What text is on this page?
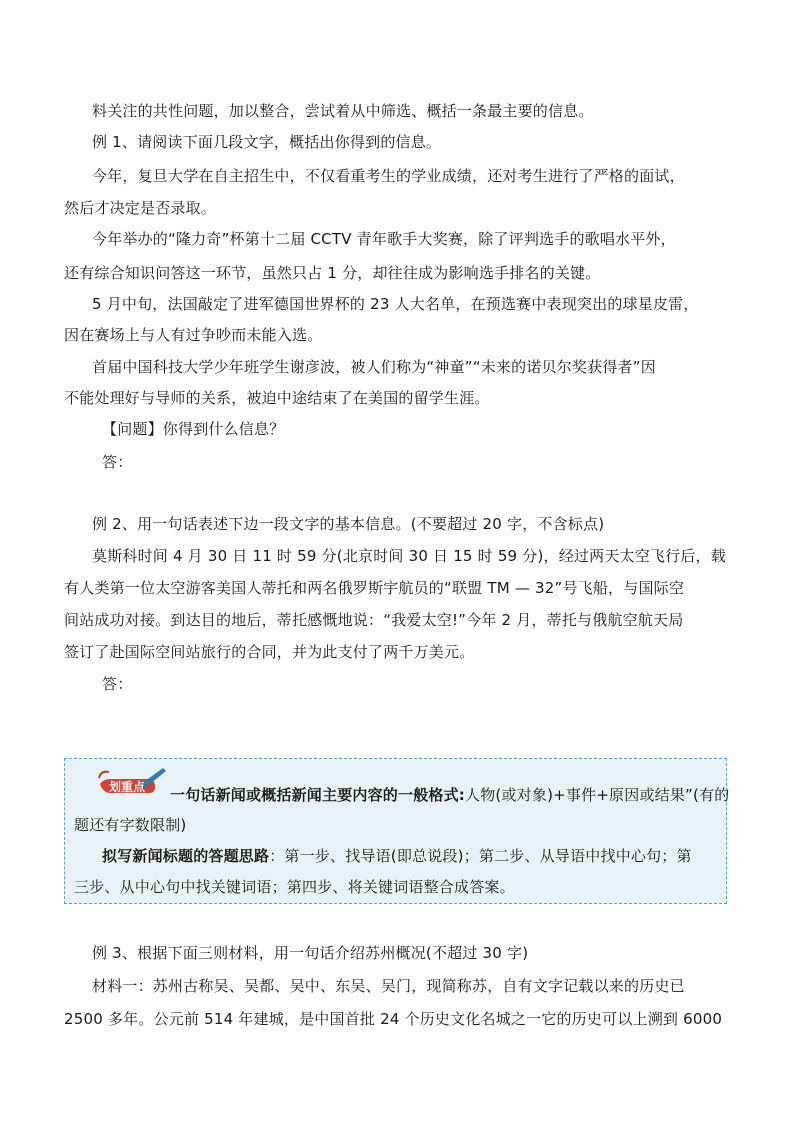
料关注的共性问题，加以整合，尝试着从中筛选、概括一条最主要的信息。
例 1、请阅读下面几段文字，概括出你得到的信息。
今年，复旦大学在自主招生中，不仅看重考生的学业成绩，还对考生进行了严格的面试，
然后才决定是否录取。
今年举办的“隆力奇”杯第十二届 CCTV 青年歌手大奖赛，除了评判选手的歌唱水平外，
还有综合知识问答这一环节，虽然只占 1 分，却往往成为影响选手排名的关键。
5 月中旬，法国敲定了进军德国世界杯的 23 人大名单，在预选赛中表现突出的球星皮雷，
因在赛场上与人有过争吵而未能入选。
首届中国科技大学少年班学生谢彦波，被人们称为“神童”“未来的诺贝尔奖获得者”因
不能处理好与导师的关系，被迫中途结束了在美国的留学生涯。
【问题】你得到什么信息？
答：
例 2、用一句话表述下边一段文字的基本信息。(不要超过 20 字，不含标点)
莫斯科时间 4 月 30 日 11 时 59 分(北京时间 30 日 15 时 59 分)，经过两天太空飞行后，载
有人类第一位太空游客美国人蒂托和两名俄罗斯宇航员的“联盟 TM — 32”号飞船，与国际空
间站成功对接。到达目的地后，蒂托感慨地说：“我爱太空!”今年 2 月，蒂托与俄航空航天局
签订了赴国际空间站旅行的合同，并为此支付了两千万美元。
答：
划重点 一句话新闻或概括新闻主要内容的一般格式:人物(或对象)+事件+原因或结果”(有的
题还有字数限制)
拟写新闻标题的答题思路：第一步、找导语(即总说段)；第二步、从导语中找中心句；第
三步、从中心句中找关键词语；第四步、将关键词语整合成答案。
例 3、根据下面三则材料，用一句话介绍苏州概况(不超过 30 字)
材料一：苏州古称吴、吴都、吴中、东吴、吴门，现简称苏，自有文字记载以来的历史已
2500 多年。公元前 514 年建城，是中国首批 24 个历史文化名城之一它的历史可以上溯到 6000
